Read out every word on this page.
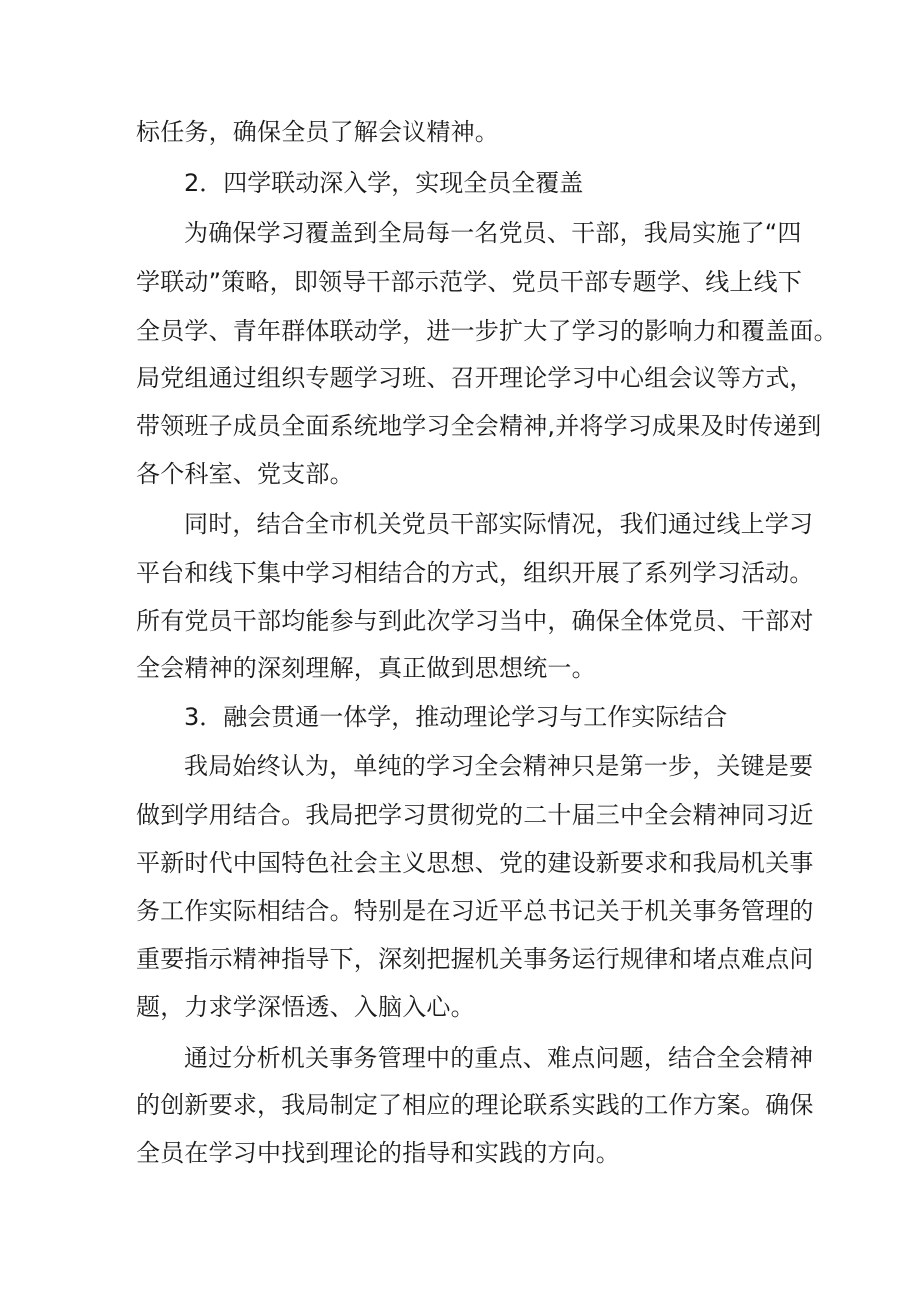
标任务，确保全员了解会议精神。
2．四学联动深入学，实现全员全覆盖
为确保学习覆盖到全局每一名党员、干部，我局实施了“四
学联动”策略，即领导干部示范学、党员干部专题学、线上线下
全员学、青年群体联动学，进一步扩大了学习的影响力和覆盖面。
局党组通过组织专题学习班、召开理论学习中心组会议等方式，
带领班子成员全面系统地学习全会精神,并将学习成果及时传递到
各个科室、党支部。
同时，结合全市机关党员干部实际情况，我们通过线上学习
平台和线下集中学习相结合的方式，组织开展了系列学习活动。
所有党员干部均能参与到此次学习当中，确保全体党员、干部对
全会精神的深刻理解，真正做到思想统一。
3．融会贯通一体学，推动理论学习与工作实际结合
我局始终认为，单纯的学习全会精神只是第一步，关键是要
做到学用结合。我局把学习贯彻党的二十届三中全会精神同习近
平新时代中国特色社会主义思想、党的建设新要求和我局机关事
务工作实际相结合。特别是在习近平总书记关于机关事务管理的
重要指示精神指导下，深刻把握机关事务运行规律和堵点难点问
题，力求学深悟透、入脑入心。
通过分析机关事务管理中的重点、难点问题，结合全会精神
的创新要求，我局制定了相应的理论联系实践的工作方案。确保
全员在学习中找到理论的指导和实践的方向。
